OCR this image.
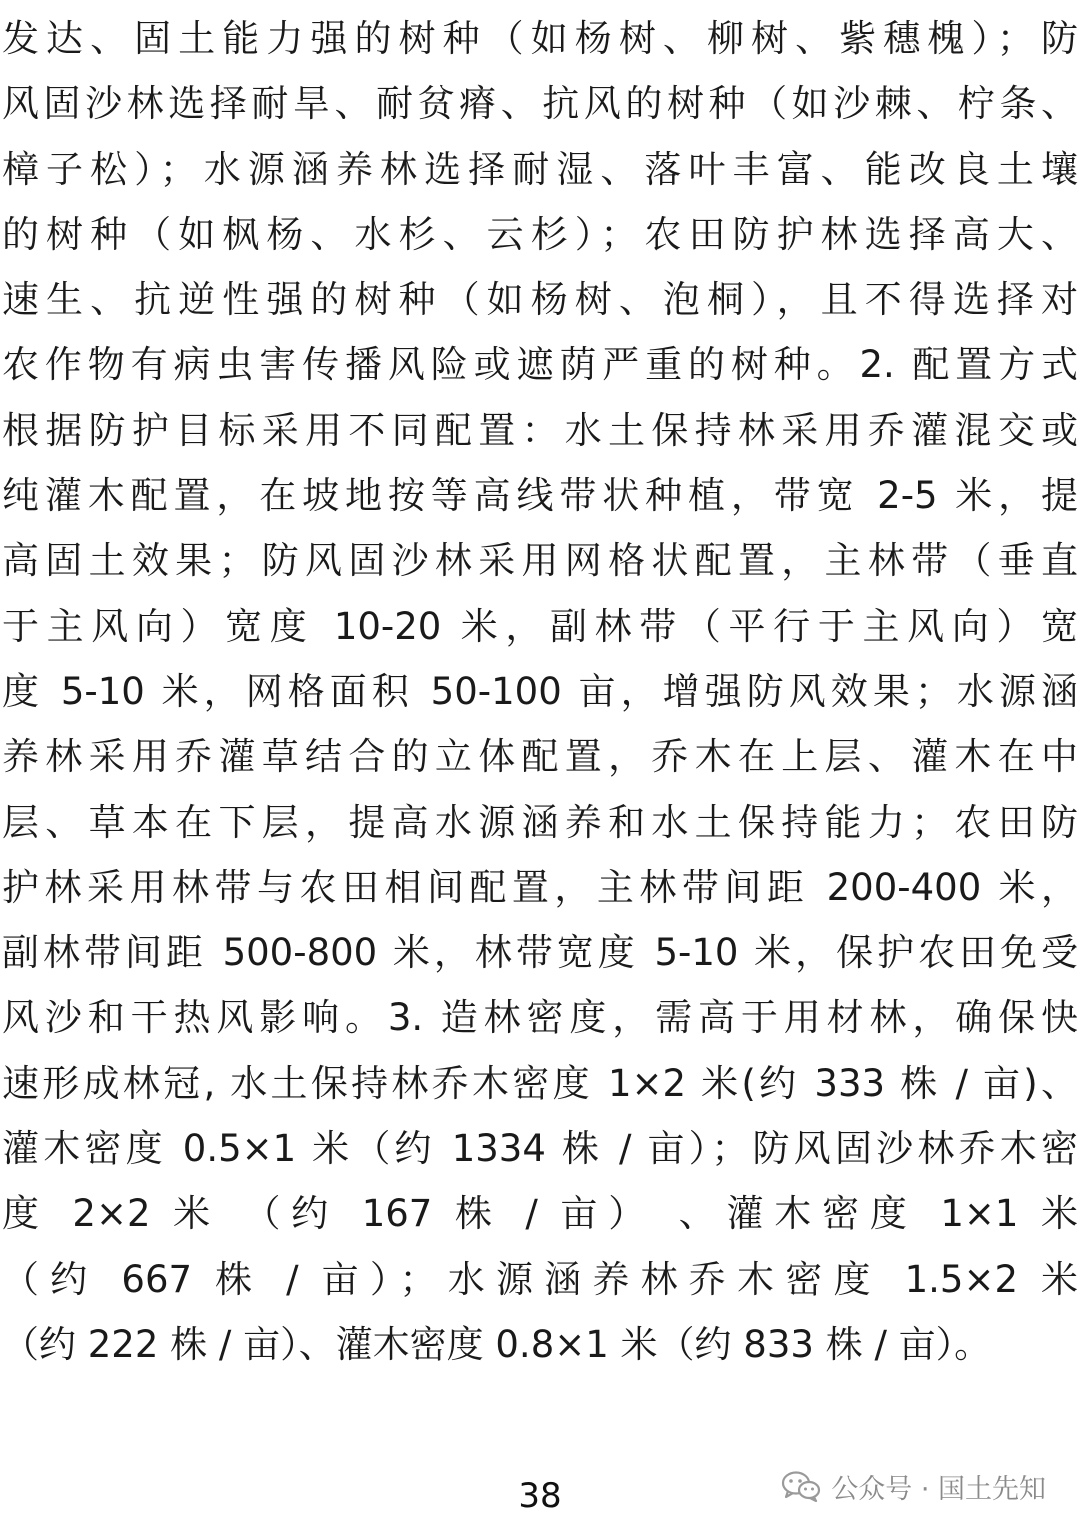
发达、固土能力强的树种（如杨树、柳树、紫穗槐）；防
风固沙林选择耐旱、耐贫瘠、抗风的树种（如沙棘、柠条、
樟子松）；水源涵养林选择耐湿、落叶丰富、能改良土壤
的树种（如枫杨、水杉、云杉）；农田防护林选择高大、
速生、抗逆性强的树种（如杨树、泡桐），且不得选择对
农作物有病虫害传播风险或遮荫严重的树种。2. 配置方式
根据防护目标采用不同配置：水土保持林采用乔灌混交或
纯灌木配置，在坡地按等高线带状种植，带宽 2-5 米，提
高固土效果；防风固沙林采用网格状配置，主林带（垂直
于主风向）宽度 10-20 米，副林带（平行于主风向）宽
度 5-10 米，网格面积 50-100 亩，增强防风效果；水源涵
养林采用乔灌草结合的立体配置，乔木在上层、灌木在中
层、草本在下层，提高水源涵养和水土保持能力；农田防
护林采用林带与农田相间配置，主林带间距 200-400 米，
副林带间距 500-800 米，林带宽度 5-10 米，保护农田免受
风沙和干热风影响。3. 造林密度，需高于用材林，确保快
速形成林冠, 水土保持林乔木密度 1×2 米(约 333 株 / 亩)、
灌木密度 0.5×1 米（约 1334 株 / 亩）；防风固沙林乔木密
度 2×2 米 （约 167 株 / 亩） 、灌木密度 1×1 米
（约 667 株 / 亩）；水源涵养林乔木密度 1.5×2 米
（约 222 株 / 亩）、灌木密度 0.8×1 米（约 833 株 / 亩）。
38	公众号 · 国土先知
